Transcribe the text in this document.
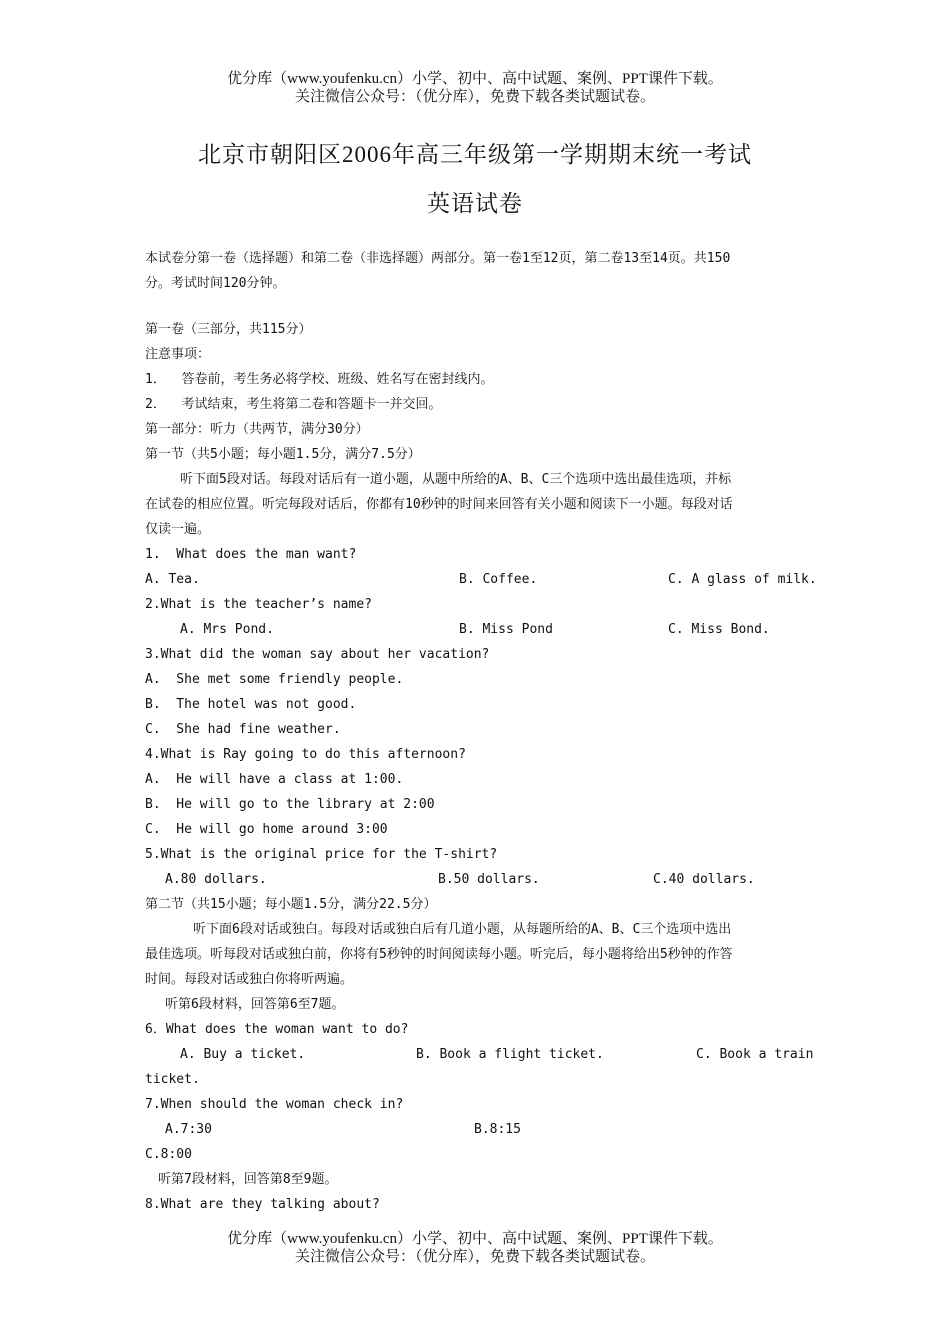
优分库（www.youfenku.cn）小学、初中、高中试题、案例、PPT课件下载。
关注微信公众号：（优分库），免费下载各类试题试卷。
北京市朝阳区2006年高三年级第一学期期末统一考试
英语试卷
本试卷分第一卷（选择题）和第二卷（非选择题）两部分。第一卷1至12页，第二卷13至14页。共150
分。考试时间120分钟。
第一卷（三部分，共115分）
注意事项：
1．  答卷前，考生务必将学校、班级、姓名写在密封线内。
2．  考试结束，考生将第二卷和答题卡一并交回。
第一部分：听力（共两节，满分30分）
第一节（共5小题；每小题1.5分，满分7.5分）
听下面5段对话。每段对话后有一道小题，从题中所给的A、B、C三个选项中选出最佳选项，并标
在试卷的相应位置。听完每段对话后，你都有10秒钟的时间来回答有关小题和阅读下一小题。每段对话
仅读一遍。
1.  What does the man want?
A. Tea.	B. Coffee.	C. A glass of milk.
2.What is the teacher’s name?
A. Mrs Pond.	B. Miss Pond	C. Miss Bond.
3.What did the woman say about her vacation?
A.  She met some friendly people.
B.  The hotel was not good.
C.  She had fine weather.
4.What is Ray going to do this afternoon?
A.  He will have a class at 1:00.
B.  He will go to the library at 2:00
C.  He will go home around 3:00
5.What is the original price for the T-shirt?
A.80 dollars.	B.50 dollars.	C.40 dollars.
第二节（共15小题；每小题1.5分，满分22.5分）
听下面6段对话或独白。每段对话或独白后有几道小题，从每题所给的A、B、C三个选项中选出
最佳选项。听每段对话或独白前，你将有5秒钟的时间阅读每小题。听完后，每小题将给出5秒钟的作答
时间。每段对话或独白你将听两遍。
听第6段材料，回答第6至7题。
6．What does the woman want to do?
A. Buy a ticket.	B. Book a flight ticket.	C. Book a train
ticket.
7.When should the woman check in?
A.7:30	B.8:15
C.8:00
听第7段材料，回答第8至9题。
8.What are they talking about?
优分库（www.youfenku.cn）小学、初中、高中试题、案例、PPT课件下载。
关注微信公众号：（优分库），免费下载各类试题试卷。
